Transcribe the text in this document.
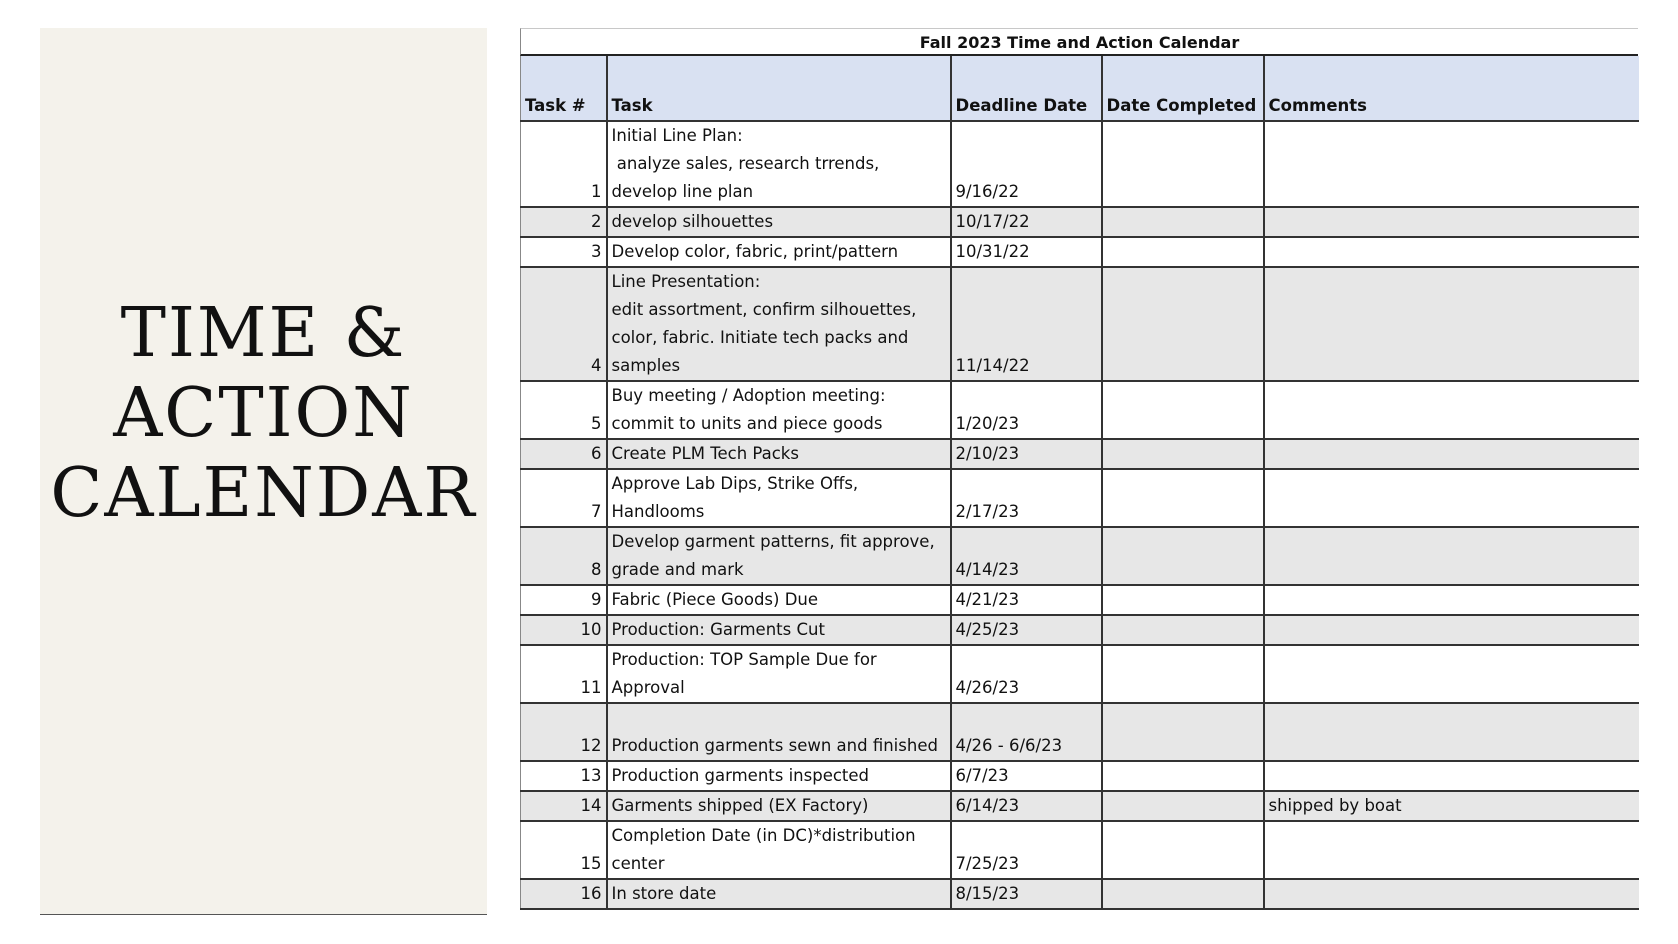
TIME &
ACTION
CALENDAR
Fall 2023 Time and Action Calendar
Task #	Task	Deadline Date	Date Completed	Comments
1	Initial Line Plan:
analyze sales, research trrends,
develop line plan	9/16/22		
2	develop silhouettes	10/17/22		
3	Develop color, fabric, print/pattern	10/31/22		
4	Line Presentation:
edit assortment, confirm silhouettes,
color, fabric. Initiate tech packs and
samples	11/14/22		
5	Buy meeting / Adoption meeting:
commit to units and piece goods	1/20/23		
6	Create PLM Tech Packs	2/10/23		
7	Approve Lab Dips, Strike Offs,
Handlooms	2/17/23		
8	Develop garment patterns, fit approve,
grade and mark	4/14/23		
9	Fabric (Piece Goods) Due	4/21/23		
10	Production: Garments Cut	4/25/23		
11	Production: TOP Sample Due for
Approval	4/26/23		
12	Production garments sewn and finished	4/26 - 6/6/23		
13	Production garments inspected	6/7/23		
14	Garments shipped (EX Factory)	6/14/23		shipped by boat
15	Completion Date (in DC)*distribution
center	7/25/23		
16	In store date	8/15/23		
